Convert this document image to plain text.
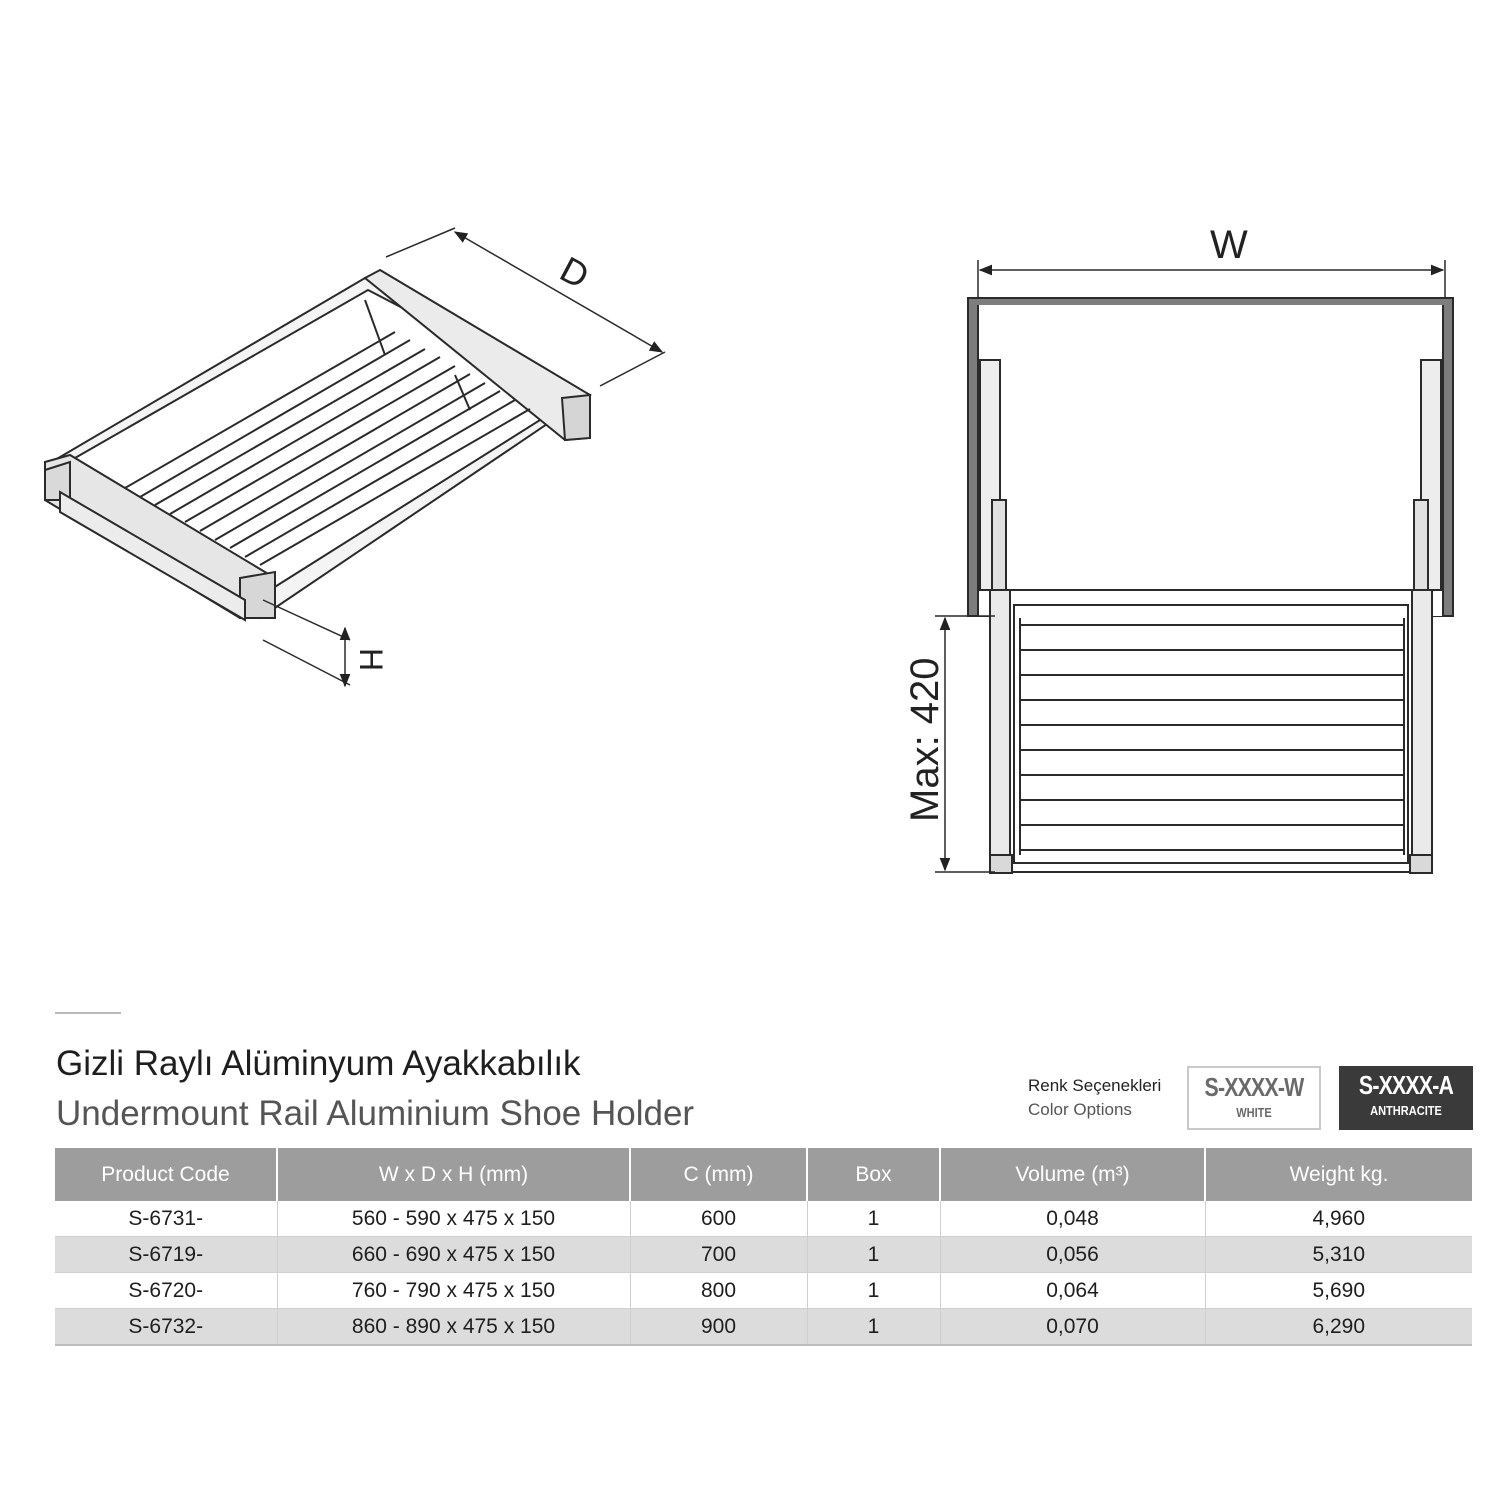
D
H
W
Max: 420
Gizli Raylı Alüminyum Ayakkabılık
Undermount Rail Aluminium Shoe Holder
Renk Seçenekleri
Color Options
S-XXXX-W
WHITE
S-XXXX-A
ANTHRACITE
Product Code	W x D x H (mm)	C (mm)	Box	Volume (m³)	Weight kg.
S-6731-	560 - 590 x 475 x 150	600	1	0,048	4,960
S-6719-	660 - 690 x 475 x 150	700	1	0,056	5,310
S-6720-	760 - 790 x 475 x 150	800	1	0,064	5,690
S-6732-	860 - 890 x 475 x 150	900	1	0,070	6,290
